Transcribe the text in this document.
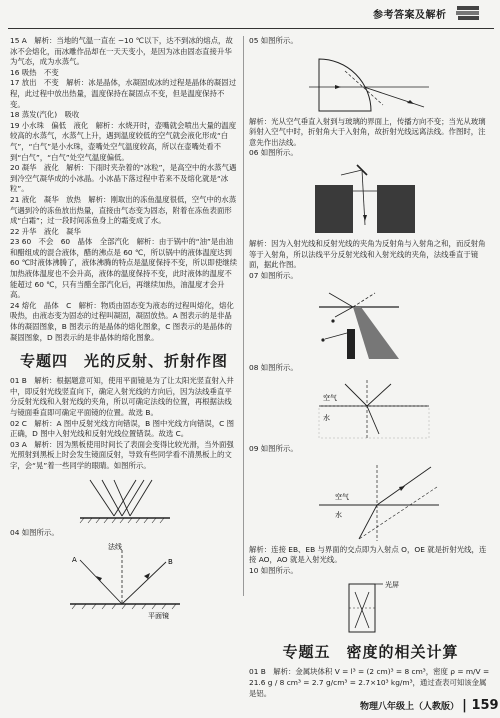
参考答案及解析

15 A　解析：当地的气温一直在 −10 ℃以下，达不到冰的熔点，故冰不会熔化，而冰雕作品却在一天天变小，是因为冰由固态直接升华为气态，成为水蒸气。

16 吸热　不变

17 放出　不变　解析：冰是晶体，水凝固成冰的过程是晶体的凝固过程，此过程中放出热量，温度保持在凝固点不变，但是温度保持不变。

18 蒸发(汽化)　吸收

19 小水珠　偏低　液化　解析：水烧开时，壶嘴就会喷出大量的温度较高的水蒸气，水蒸气上升，遇到温度较低的空气就会液化形成“白气”，“白气”是小水珠，壶嘴处空气温度较高，所以在壶嘴处看不到“白气”，“白气”处空气温度偏低。

20 凝华　液化　解析：下雨时夹杂着的“冰粒”，是高空中的水蒸气遇到冷空气凝华成的小冰晶。小冰晶下落过程中若来不及熔化就是“冰粒”。

21 液化　凝华　放热　解析：刚取出的冻鱼温度很低，空气中的水蒸气遇到冷的冻鱼放出热量，直接由气态变为固态，附着在冻鱼表面形成“白霜”；过一段时间冻鱼身上的霜变成了水。

22 升华　液化　凝华

23 60　不会　60　晶体　全部汽化　解析：由于锅中的“油”是由油和醋组成的混合液体，醋的沸点是 60 ℃，所以锅中的液体温度达到 60 ℃时液体沸腾了，液体沸腾的特点是温度保持不变，所以即使继续加热液体温度也不会升高，液体的温度保持不变，此时液体的温度不能超过 60 ℃，只有当醋全部汽化后，再继续加热，油温度才会升高。

24 熔化　晶体　C　解析：物质由固态变为液态的过程叫熔化，熔化吸热，由液态变为固态的过程叫凝固，凝固放热。A 图表示的是非晶体的凝固图象，B 图表示的是晶体的熔化图象，C 图表示的是晶体的凝固图象，D 图表示的是非晶体的熔化图象。

专题四　光的反射、折射作图

01 B　解析：根据题意可知，使用平面镜是为了让太阳光竖直射入井中，即反射光线竖直向下，确定入射光线的方向后，因为法线垂直平分反射光线和入射光线的夹角，所以可确定法线的位置，再根据法线与镜面垂直即可确定平面镜的位置。故选 B。

02 C　解析：A 图中反射光线方向错误，B 图中光线方向错误，C 图正确，D 图中入射光线和反射光线位置错误。故选 C。

03 A　解析：因为黑板使用时间长了表面会变得比较光滑，当外面强光照射到黑板上时会发生镜面反射，导致有些同学看不清黑板上的文字，会“晃”着一些同学的眼睛。如图所示。

04 如图所示。

法线
A	B
平面镜

05 如图所示。

解析：光从空气垂直入射到与玻璃的界面上，传播方向不变；当光从玻璃斜射入空气中时，折射角大于入射角，故折射光线远离法线。作图时，注意先作出法线。

06 如图所示。

解析：因为入射光线和反射光线的夹角为反射角与入射角之和，而反射角等于入射角，所以法线平分反射光线和入射光线的夹角，法线垂直于镜面，据此作图。

07 如图所示。

08 如图所示。

空气
水

09 如图所示。

空气
水

解析：连接 EB、EB 与界面的交点即为入射点 O，OE 就是折射光线，连接 AO，AO 就是入射光线。

10 如图所示。

光屏
专题五　密度的相关计算

01 B　解析：金属块体积 V = l³ = (2 cm)³ = 8 cm³，密度 ρ = m/V = 21.6 g / 8 cm³ = 2.7 g/cm³ = 2.7×10³ kg/m³，通过查表可知该金属是铝。

物理八年级上（人教版） | 159
